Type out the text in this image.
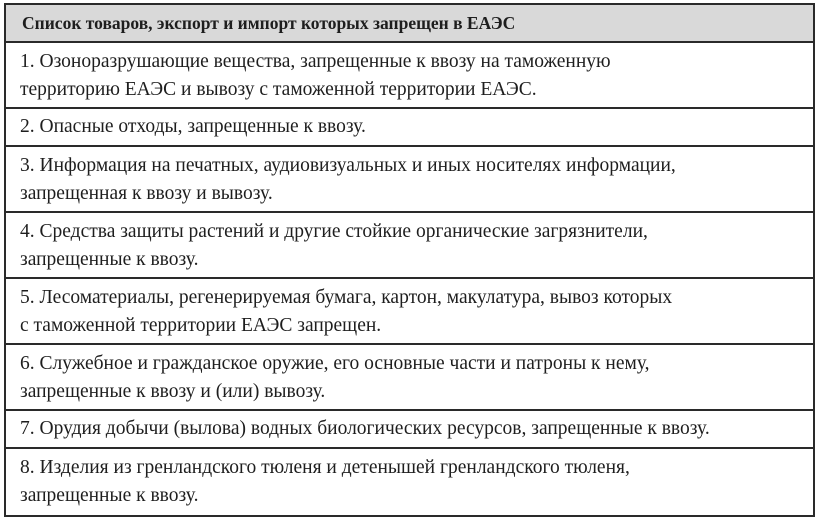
Список товаров, экспорт и импорт которых запрещен в ЕАЭС
1. Озоноразрушающие вещества, запрещенные к ввозу на таможенную
территорию ЕАЭС и вывозу с таможенной территории ЕАЭС.
2. Опасные отходы, запрещенные к ввозу.
3. Информация на печатных, аудиовизуальных и иных носителях информации,
запрещенная к ввозу и вывозу.
4. Средства защиты растений и другие стойкие органические загрязнители,
запрещенные к ввозу.
5. Лесоматериалы, регенерируемая бумага, картон, макулатура, вывоз которых
с таможенной территории ЕАЭС запрещен.
6. Служебное и гражданское оружие, его основные части и патроны к нему,
запрещенные к ввозу и (или) вывозу.
7. Орудия добычи (вылова) водных биологических ресурсов, запрещенные к ввозу.
8. Изделия из гренландского тюленя и детенышей гренландского тюленя,
запрещенные к ввозу.
